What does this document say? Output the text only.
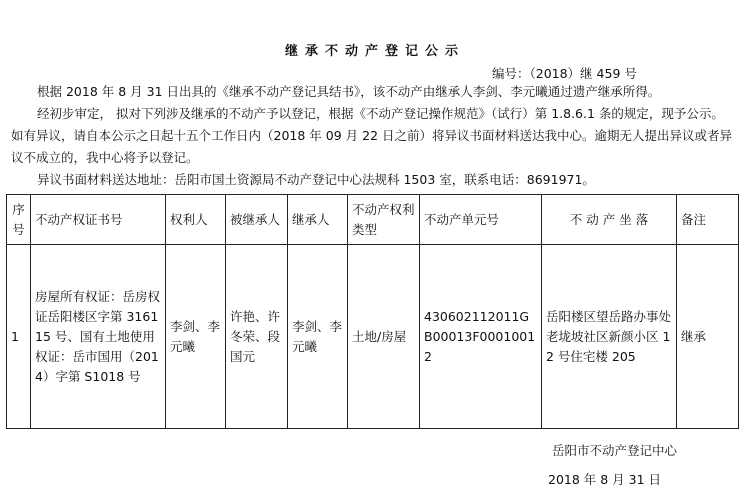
继承不动产登记公示
编号：（2018）继 459 号

根据 2018 年 8 月 31 日出具的《继承不动产登记具结书》，该不动产由继承人李剑、李元曦通过遗产继承所得。

经初步审定， 拟对下列涉及继承的不动产予以登记，根据《不动产登记操作规范》（试行）第 1.8.6.1 条的规定，现予公示。如有异议，请自本公示之日起十五个工作日内（2018 年 09 月 22 日之前）将异议书面材料送达我中心。逾期无人提出异议或者异议不成立的，我中心将予以登记。

异议书面材料送达地址：岳阳市国土资源局不动产登记中心法规科 1503 室，联系电话：8691971。

序号	不动产权证书号	权利人	被继承人	继承人	不动产权利类型	不动产单元号	不 动 产 坐 落	备注
1	房屋所有权证：岳房权证岳阳楼区字第 316115 号、国有土地使用权证：岳市国用（2014）字第 S1018 号	李剑、李元曦	许艳、许冬荣、段国元	李剑、李元曦	土地/房屋	430602112011GB00013F00010012	岳阳楼区望岳路办事处老垅坡社区新颜小区 12 号住宅楼 205	继承
岳阳市不动产登记中心
2018 年 8 月 31 日
